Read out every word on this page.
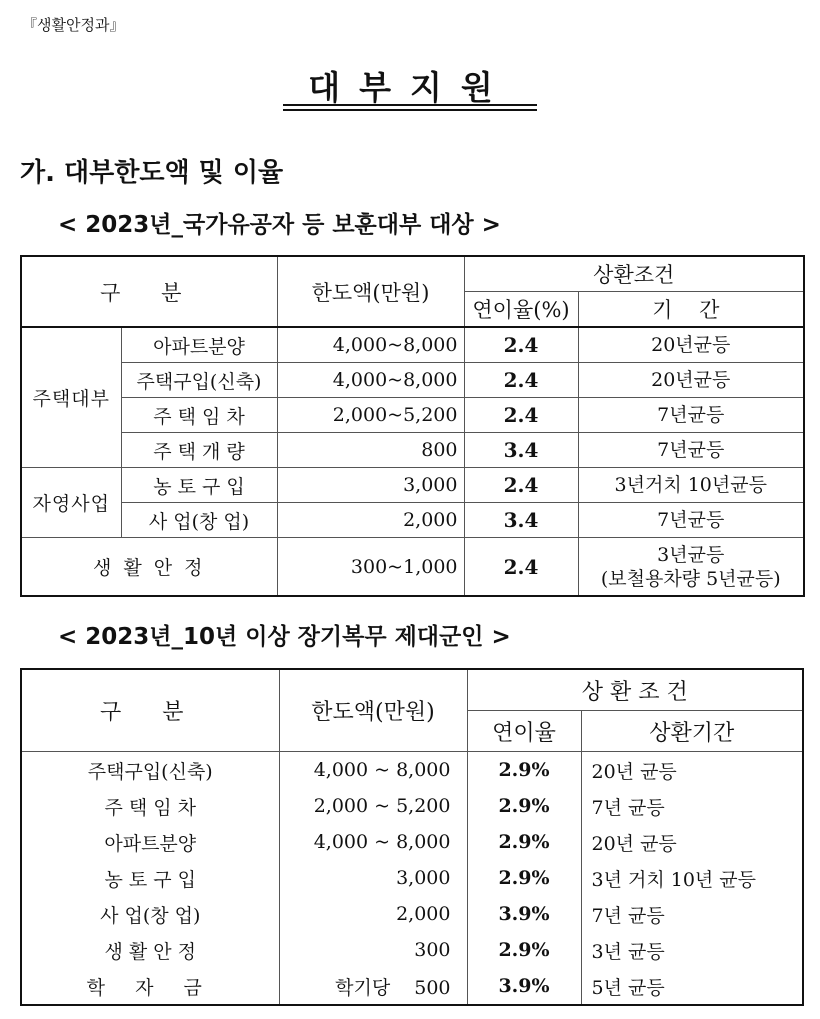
『생활안정과』
대부지원
가. 대부한도액 및 이율
< 2023년_국가유공자 등 보훈대부 대상 >
구 분		한도액(만원)	상환조건	
			연이율(%)	기 간
주택대부	아파트분양	4,000~8,000	2.4	20년균등
	주택구입(신축)	4,000~8,000	2.4	20년균등
	주 택 임 차	2,000~5,200	2.4	7년균등
	주 택 개 량	800	3.4	7년균등
자영사업	농 토 구 입	3,000	2.4	3년거치 10년균등
	사 업(창 업)	2,000	3.4	7년균등
생 활 안 정		300~1,000	2.4	3년균등
(보철용차량 5년균등)
< 2023년_10년 이상 장기복무 제대군인 >
구 분	한도액(만원)	상 환 조 건	
		연이율	상환기간
주택구입(신축)	4,000 ~ 8,000	2.9%	20년 균등
주 택 임 차	2,000 ~ 5,200	2.9%	7년 균등
아파트분양	4,000 ~ 8,000	2.9%	20년 균등
농 토 구 입	3,000	2.9%	3년 거치 10년 균등
사 업(창 업)	2,000	3.9%	7년 균등
생 활 안 정	300	2.9%	3년 균등
학 자 금	학기당 500	3.9%	5년 균등
